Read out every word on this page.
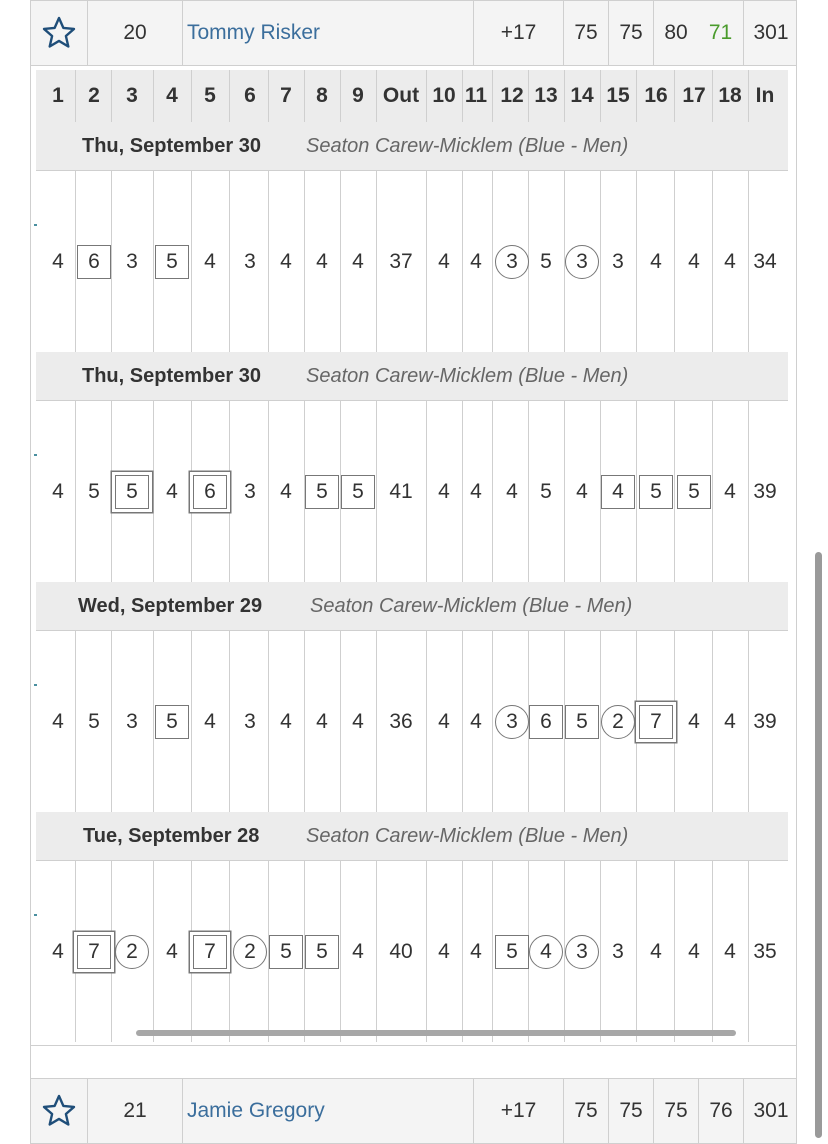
20	Tommy Risker	+17	75	75	80	71	301
1	2	3	4	5	6	7	8	9 Out 10 11 12 13 14 15 16 17 18 In
Thu, September 30 Seaton Carew-Micklem (Blue - Men)
4	6	3	5	4	3	4	4	4	37	4 4	3	5	3	3	4	4	4 34
Thu, September 30 Seaton Carew-Micklem (Blue - Men)
4	5	5	4	6	3	4	5	5	41	4 4	4	5	4	4	5	5	4 39
Wed, September 29 Seaton Carew-Micklem (Blue - Men)
4	5	3	5	4	3	4	4	4	36	4 4	3	6	5	2	7	4	4 39
Tue, September 28 Seaton Carew-Micklem (Blue - Men)
4	7	2	4	7	2	5	5	4	40	4 4	5	4	3	3	4	4	4 35
21	Jamie Gregory	+17	75	75	75	76 301
